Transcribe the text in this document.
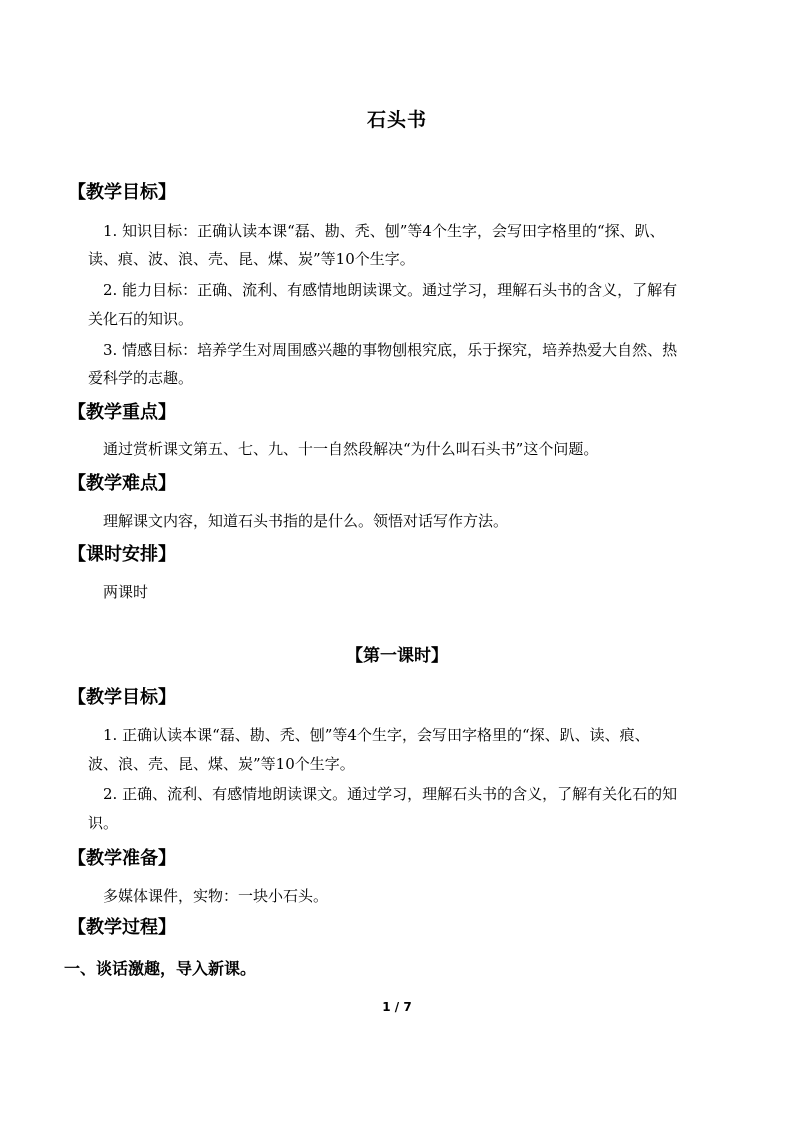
石头书
【教学目标】
1. 知识目标：正确认读本课“磊、勘、秃、刨”等4个生字，会写田字格里的“探、趴、
读、痕、波、浪、壳、昆、煤、炭”等10个生字。
2. 能力目标：正确、流利、有感情地朗读课文。通过学习，理解石头书的含义，了解有
关化石的知识。
3. 情感目标：培养学生对周围感兴趣的事物刨根究底，乐于探究，培养热爱大自然、热
爱科学的志趣。
【教学重点】
通过赏析课文第五、七、九、十一自然段解决“为什么叫石头书”这个问题。
【教学难点】
理解课文内容，知道石头书指的是什么。领悟对话写作方法。
【课时安排】
两课时
【第一课时】
【教学目标】
1. 正确认读本课“磊、勘、秃、刨”等4个生字，会写田字格里的“探、趴、读、痕、
波、浪、壳、昆、煤、炭”等10个生字。
2. 正确、流利、有感情地朗读课文。通过学习，理解石头书的含义，了解有关化石的知
识。
【教学准备】
多媒体课件，实物：一块小石头。
【教学过程】
一、谈话激趣，导入新课。
1 / 7
